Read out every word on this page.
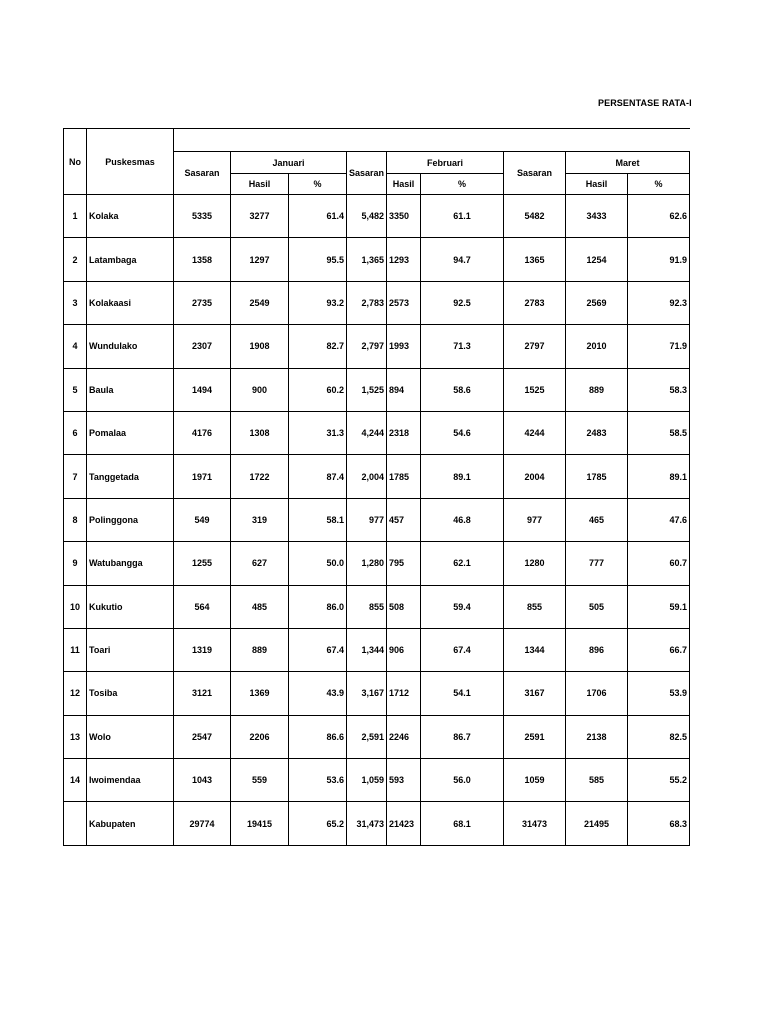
PERSENTASE RATA-I
No	Puskesmas									
		Sasaran	Januari		Sasaran	Februari		Sasaran	Maret	
			Hasil	%		Hasil	%		Hasil	%
1	Kolaka	5335	3277	61.4	5,482	3350	61.1	5482	3433	62.6
2	Latambaga	1358	1297	95.5	1,365	1293	94.7	1365	1254	91.9
3	Kolakaasi	2735	2549	93.2	2,783	2573	92.5	2783	2569	92.3
4	Wundulako	2307	1908	82.7	2,797	1993	71.3	2797	2010	71.9
5	Baula	1494	900	60.2	1,525	894	58.6	1525	889	58.3
6	Pomalaa	4176	1308	31.3	4,244	2318	54.6	4244	2483	58.5
7	Tanggetada	1971	1722	87.4	2,004	1785	89.1	2004	1785	89.1
8	Polinggona	549	319	58.1	977	457	46.8	977	465	47.6
9	Watubangga	1255	627	50.0	1,280	795	62.1	1280	777	60.7
10	Kukutio	564	485	86.0	855	508	59.4	855	505	59.1
11	Toari	1319	889	67.4	1,344	906	67.4	1344	896	66.7
12	Tosiba	3121	1369	43.9	3,167	1712	54.1	3167	1706	53.9
13	Wolo	2547	2206	86.6	2,591	2246	86.7	2591	2138	82.5
14	Iwoimendaa	1043	559	53.6	1,059	593	56.0	1059	585	55.2
	Kabupaten	29774	19415	65.2	31,473	21423	68.1	31473	21495	68.3
